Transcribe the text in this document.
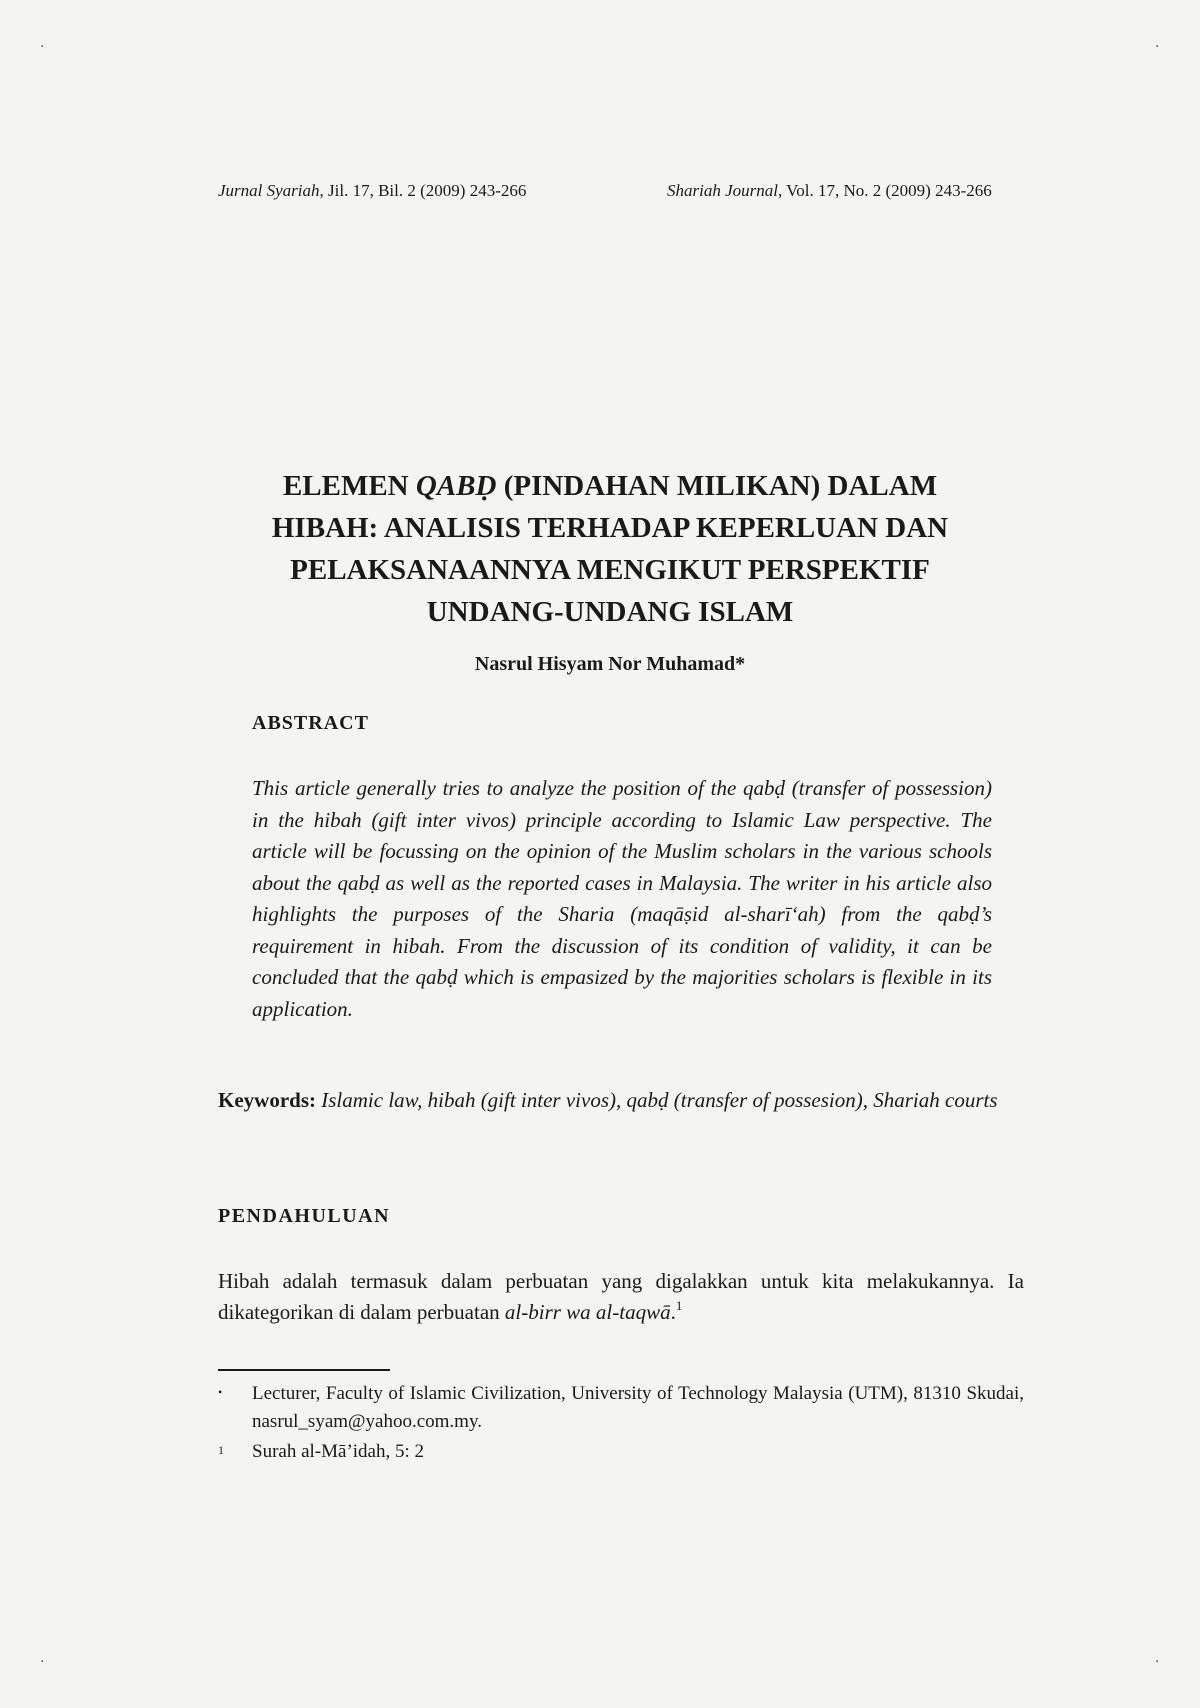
·	·
·	·
Jurnal Syariah, Jil. 17, Bil. 2 (2009) 243-266	Shariah Journal, Vol. 17, No. 2 (2009) 243-266
ELEMEN QABḌ (PINDAHAN MILIKAN) DALAM
HIBAH: ANALISIS TERHADAP KEPERLUAN DAN
PELAKSANAANNYA MENGIKUT PERSPEKTIF
UNDANG-UNDANG ISLAM
Nasrul Hisyam Nor Muhamad*
ABSTRACT
This article generally tries to analyze the position of the qabḍ (transfer of possession) in the hibah (gift inter vivos) principle according to Islamic Law perspective. The article will be focussing on the opinion of the Muslim scholars in the various schools about the qabḍ as well as the reported cases in Malaysia. The writer in his article also highlights the purposes of the Sharia (maqāṣid al-sharī‘ah) from the qabḍ’s requirement in hibah. From the discussion of its condition of validity, it can be concluded that the qabḍ which is empasized by the majorities scholars is flexible in its application.
Keywords: Islamic law, hibah (gift inter vivos), qabḍ (transfer of possesion), Shariah courts
PENDAHULUAN
Hibah adalah termasuk dalam perbuatan yang digalakkan untuk kita melakukannya. Ia dikategorikan di dalam perbuatan al-birr wa al-taqwā.$^1$
• Lecturer, Faculty of Islamic Civilization, University of Technology Malaysia (UTM), 81310 Skudai, nasrul_syam@yahoo.com.my.
1 Surah al-Mā’idah, 5: 2
